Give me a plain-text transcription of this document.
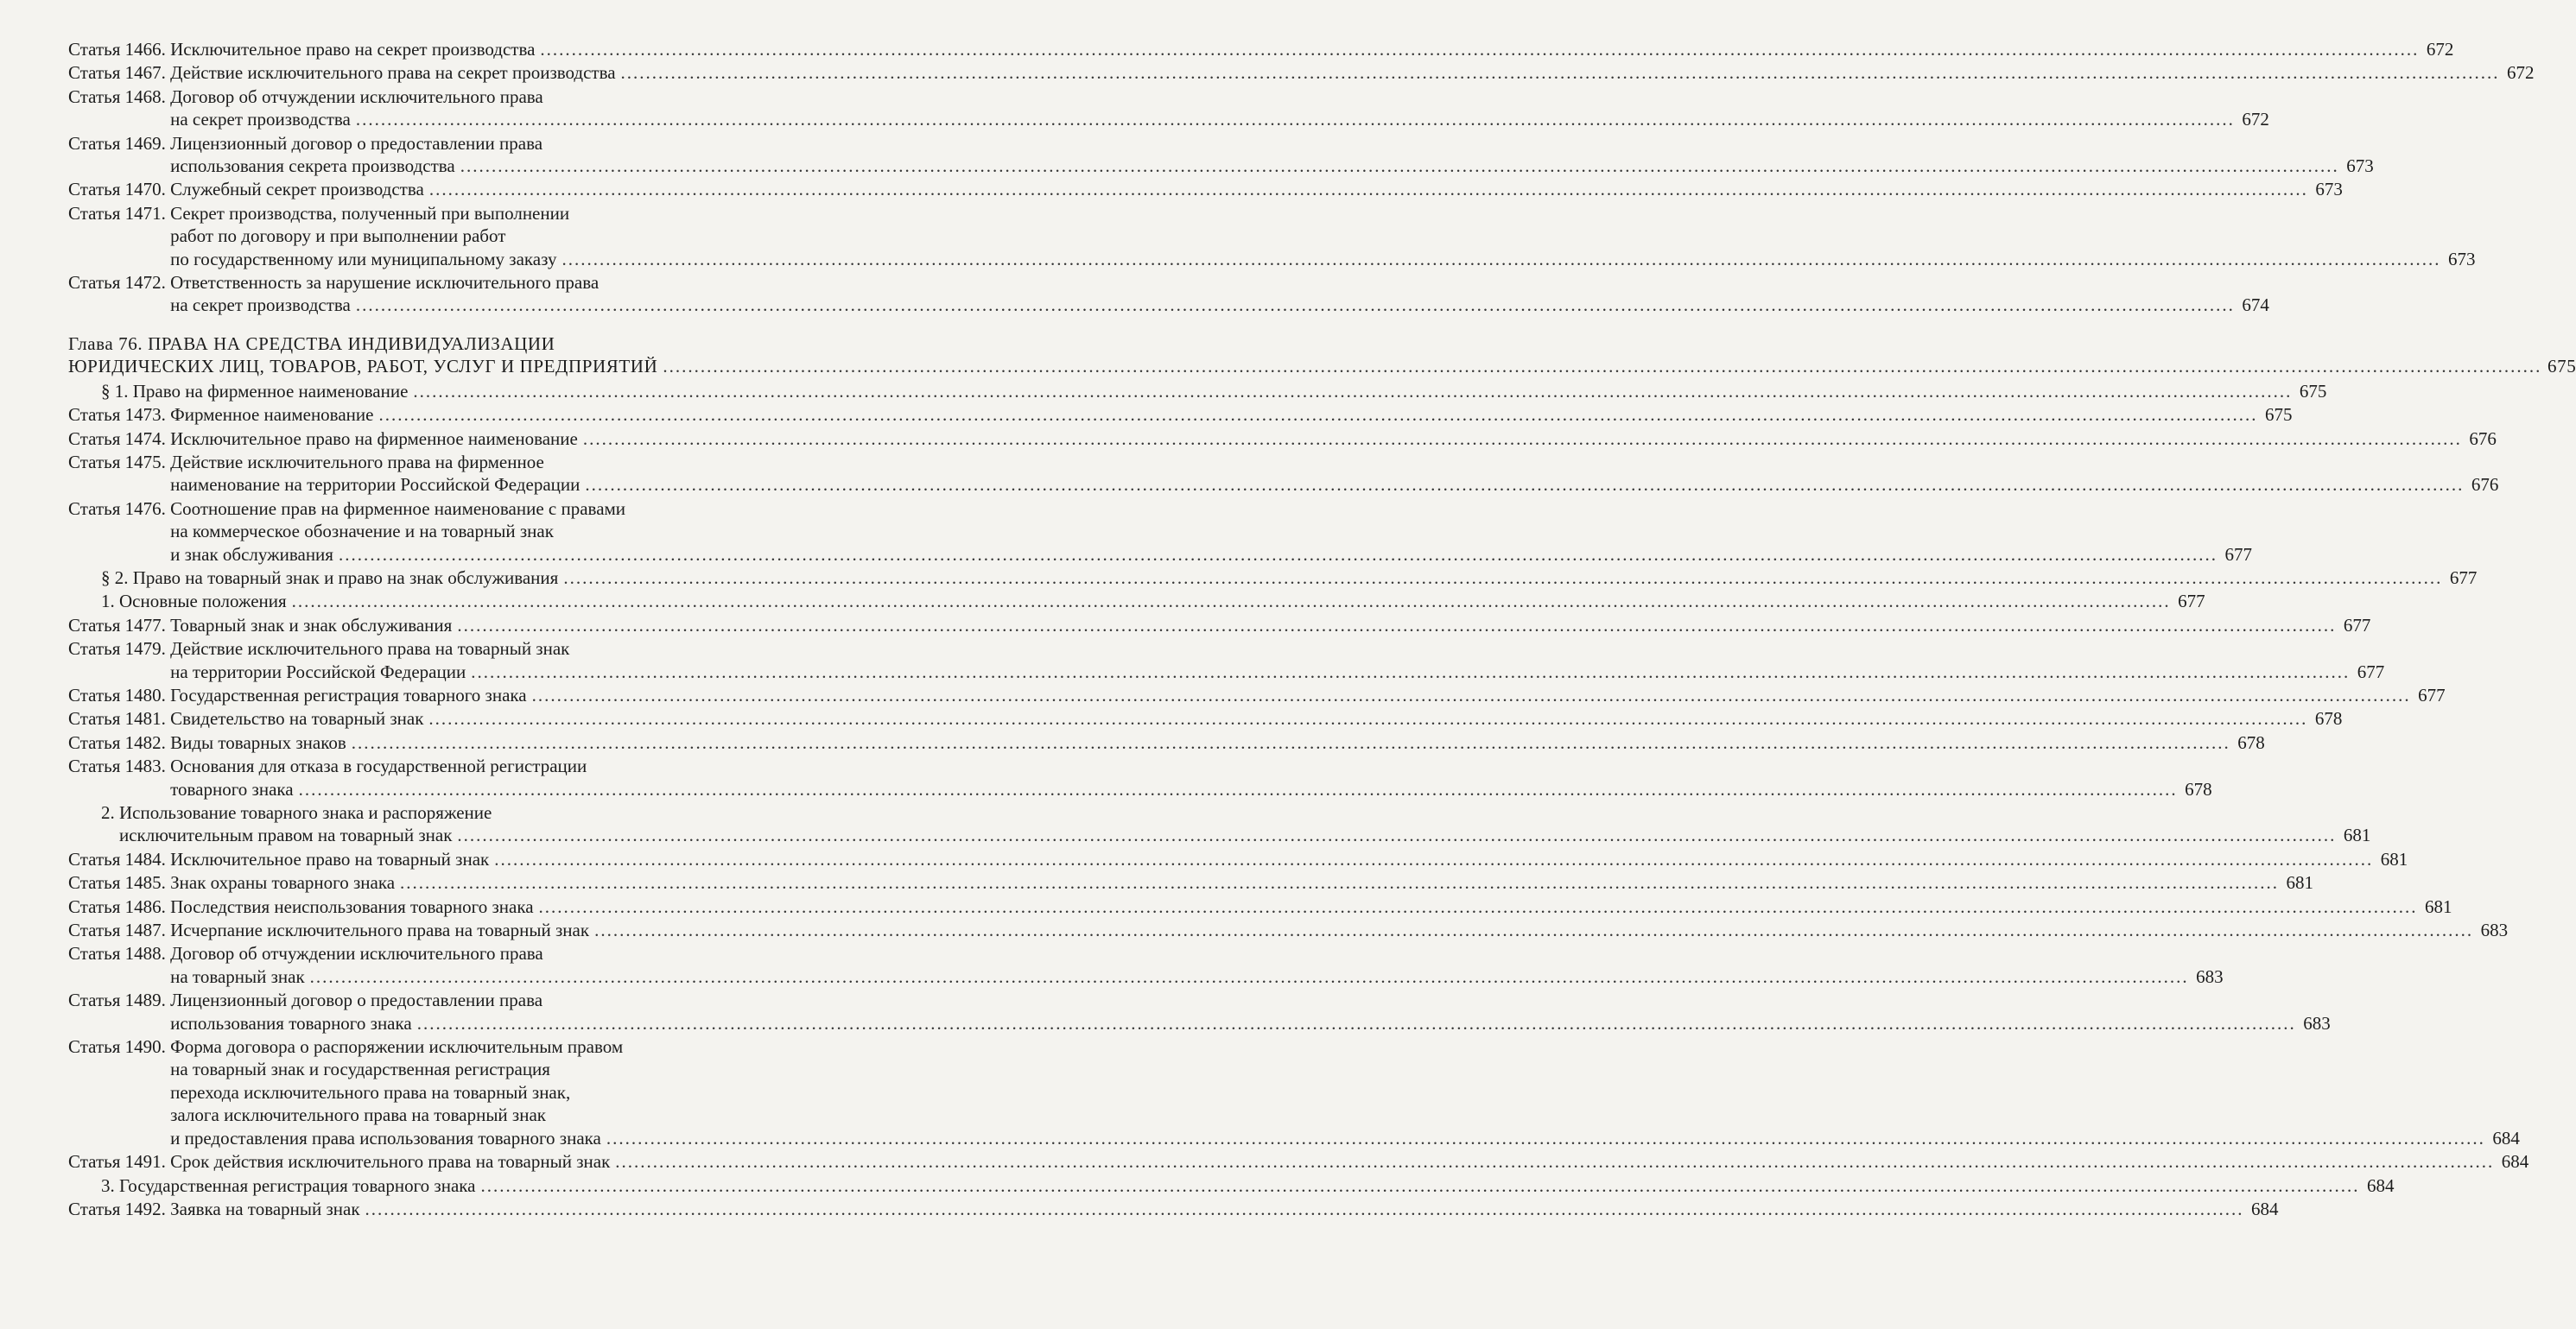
Статья 1466. Исключительное право на секрет производства ............................................................................................................................................................................................................................................................................................................ 672
Статья 1467. Действие исключительного права на секрет производства ............................................................................................................................................................................................................................................................................................................ 672
Статья 1468. Договор об отчуждении исключительного права
на секрет производства ............................................................................................................................................................................................................................................................................................................ 672
Статья 1469. Лицензионный договор о предоставлении права
использования секрета производства ............................................................................................................................................................................................................................................................................................................ 673
Статья 1470. Служебный секрет производства ............................................................................................................................................................................................................................................................................................................ 673
Статья 1471. Секрет производства, полученный при выполнении
работ по договору и при выполнении работ
по государственному или муниципальному заказу ............................................................................................................................................................................................................................................................................................................ 673
Статья 1472. Ответственность за нарушение исключительного права
на секрет производства ............................................................................................................................................................................................................................................................................................................ 674
Глава 76. ПРАВА НА СРЕДСТВА ИНДИВИДУАЛИЗАЦИИ
ЮРИДИЧЕСКИХ ЛИЦ, ТОВАРОВ, РАБОТ, УСЛУГ И ПРЕДПРИЯТИЙ ............................................................................................................................................................................................................................................................................................................ 675
§ 1. Право на фирменное наименование ............................................................................................................................................................................................................................................................................................................ 675
Статья 1473. Фирменное наименование ............................................................................................................................................................................................................................................................................................................ 675
Статья 1474. Исключительное право на фирменное наименование ............................................................................................................................................................................................................................................................................................................ 676
Статья 1475. Действие исключительного права на фирменное
наименование на территории Российской Федерации ............................................................................................................................................................................................................................................................................................................ 676
Статья 1476. Соотношение прав на фирменное наименование с правами
на коммерческое обозначение и на товарный знак
и знак обслуживания ............................................................................................................................................................................................................................................................................................................ 677
§ 2. Право на товарный знак и право на знак обслуживания ............................................................................................................................................................................................................................................................................................................ 677
1. Основные положения ............................................................................................................................................................................................................................................................................................................ 677
Статья 1477. Товарный знак и знак обслуживания ............................................................................................................................................................................................................................................................................................................ 677
Статья 1479. Действие исключительного права на товарный знак
на территории Российской Федерации ............................................................................................................................................................................................................................................................................................................ 677
Статья 1480. Государственная регистрация товарного знака ............................................................................................................................................................................................................................................................................................................ 677
Статья 1481. Свидетельство на товарный знак ............................................................................................................................................................................................................................................................................................................ 678
Статья 1482. Виды товарных знаков ............................................................................................................................................................................................................................................................................................................ 678
Статья 1483. Основания для отказа в государственной регистрации
товарного знака ............................................................................................................................................................................................................................................................................................................ 678
2. Использование товарного знака и распоряжение
исключительным правом на товарный знак ............................................................................................................................................................................................................................................................................................................ 681
Статья 1484. Исключительное право на товарный знак ............................................................................................................................................................................................................................................................................................................ 681
Статья 1485. Знак охраны товарного знака ............................................................................................................................................................................................................................................................................................................ 681
Статья 1486. Последствия неиспользования товарного знака ............................................................................................................................................................................................................................................................................................................ 681
Статья 1487. Исчерпание исключительного права на товарный знак ............................................................................................................................................................................................................................................................................................................ 683
Статья 1488. Договор об отчуждении исключительного права
на товарный знак ............................................................................................................................................................................................................................................................................................................ 683
Статья 1489. Лицензионный договор о предоставлении права
использования товарного знака ............................................................................................................................................................................................................................................................................................................ 683
Статья 1490. Форма договора о распоряжении исключительным правом
на товарный знак и государственная регистрация
перехода исключительного права на товарный знак,
залога исключительного права на товарный знак
и предоставления права использования товарного знака ............................................................................................................................................................................................................................................................................................................ 684
Статья 1491. Срок действия исключительного права на товарный знак ............................................................................................................................................................................................................................................................................................................ 684
3. Государственная регистрация товарного знака ............................................................................................................................................................................................................................................................................................................ 684
Статья 1492. Заявка на товарный знак ............................................................................................................................................................................................................................................................................................................ 684
